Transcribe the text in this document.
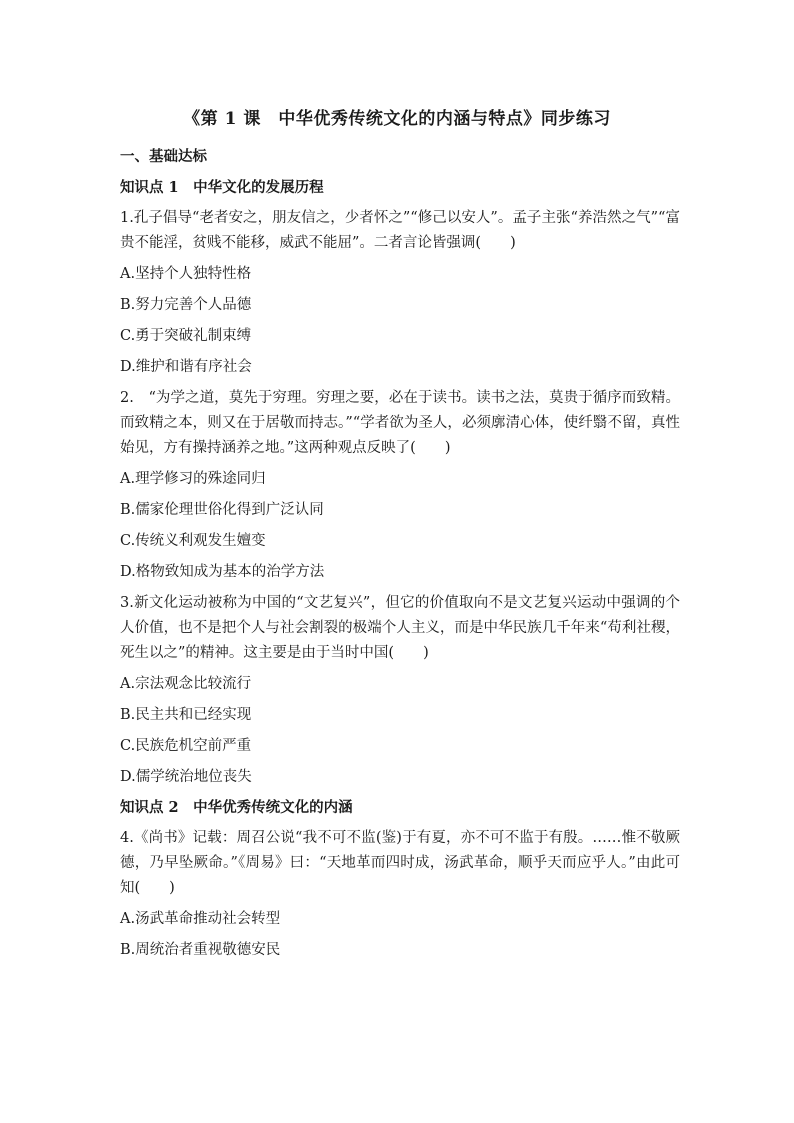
《第 1 课　中华优秀传统文化的内涵与特点》同步练习
一、基础达标
知识点 1　中华文化的发展历程
1.孔子倡导“老者安之，朋友信之，少者怀之”“修己以安人”。孟子主张“养浩然之气”“富贵不能淫，贫贱不能移，威武不能屈”。二者言论皆强调(　　)
A.坚持个人独特性格
B.努力完善个人品德
C.勇于突破礼制束缚
D.维护和谐有序社会
2.　“为学之道，莫先于穷理。穷理之要，必在于读书。读书之法，莫贵于循序而致精。而致精之本，则又在于居敬而持志。”“学者欲为圣人，必须廓清心体，使纤翳不留，真性始见，方有操持涵养之地。”这两种观点反映了(　　)
A.理学修习的殊途同归
B.儒家伦理世俗化得到广泛认同
C.传统义利观发生嬗变
D.格物致知成为基本的治学方法
3.新文化运动被称为中国的“文艺复兴”，但它的价值取向不是文艺复兴运动中强调的个人价值，也不是把个人与社会割裂的极端个人主义，而是中华民族几千年来“苟利社稷，死生以之”的精神。这主要是由于当时中国(　　)
A.宗法观念比较流行
B.民主共和已经实现
C.民族危机空前严重
D.儒学统治地位丧失
知识点 2　中华优秀传统文化的内涵
4.《尚书》记载：周召公说“我不可不监(鉴)于有夏，亦不可不监于有殷。……惟不敬厥德，乃早坠厥命。”《周易》曰：“天地革而四时成，汤武革命，顺乎天而应乎人。”由此可知(　　)
A.汤武革命推动社会转型
B.周统治者重视敬德安民
